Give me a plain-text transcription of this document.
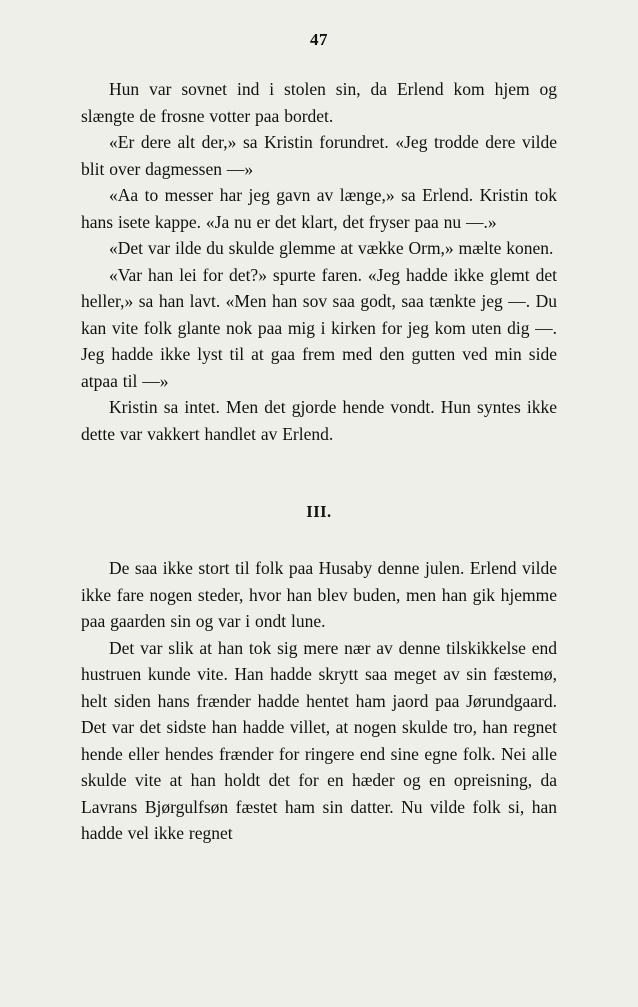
47

Hun var sovnet ind i stolen sin, da Erlend kom hjem og slængte de frosne votter paa bordet.

«Er dere alt der,» sa Kristin forundret. «Jeg trodde dere vilde blit over dagmessen —»

«Aa to messer har jeg gavn av længe,» sa Erlend. Kristin tok hans isete kappe. «Ja nu er det klart, det fryser paa nu —.»

«Det var ilde du skulde glemme at vække Orm,» mælte konen.

«Var han lei for det?» spurte faren. «Jeg hadde ikke glemt det heller,» sa han lavt. «Men han sov saa godt, saa tænkte jeg —. Du kan vite folk glante nok paa mig i kirken for jeg kom uten dig —. Jeg hadde ikke lyst til at gaa frem med den gutten ved min side atpaa til —»

Kristin sa intet. Men det gjorde hende vondt. Hun syntes ikke dette var vakkert handlet av Erlend.

III.

De saa ikke stort til folk paa Husaby denne julen. Erlend vilde ikke fare nogen steder, hvor han blev buden, men han gik hjemme paa gaarden sin og var i ondt lune.

Det var slik at han tok sig mere nær av denne tilskikkelse end hustruen kunde vite. Han hadde skrytt saa meget av sin fæstemø, helt siden hans frænder hadde hentet ham jaord paa Jørundgaard. Det var det sidste han hadde villet, at nogen skulde tro, han regnet hende eller hendes frænder for ringere end sine egne folk. Nei alle skulde vite at han holdt det for en hæder og en opreisning, da Lavrans Bjørgulfsøn fæstet ham sin datter. Nu vilde folk si, han hadde vel ikke regnet
